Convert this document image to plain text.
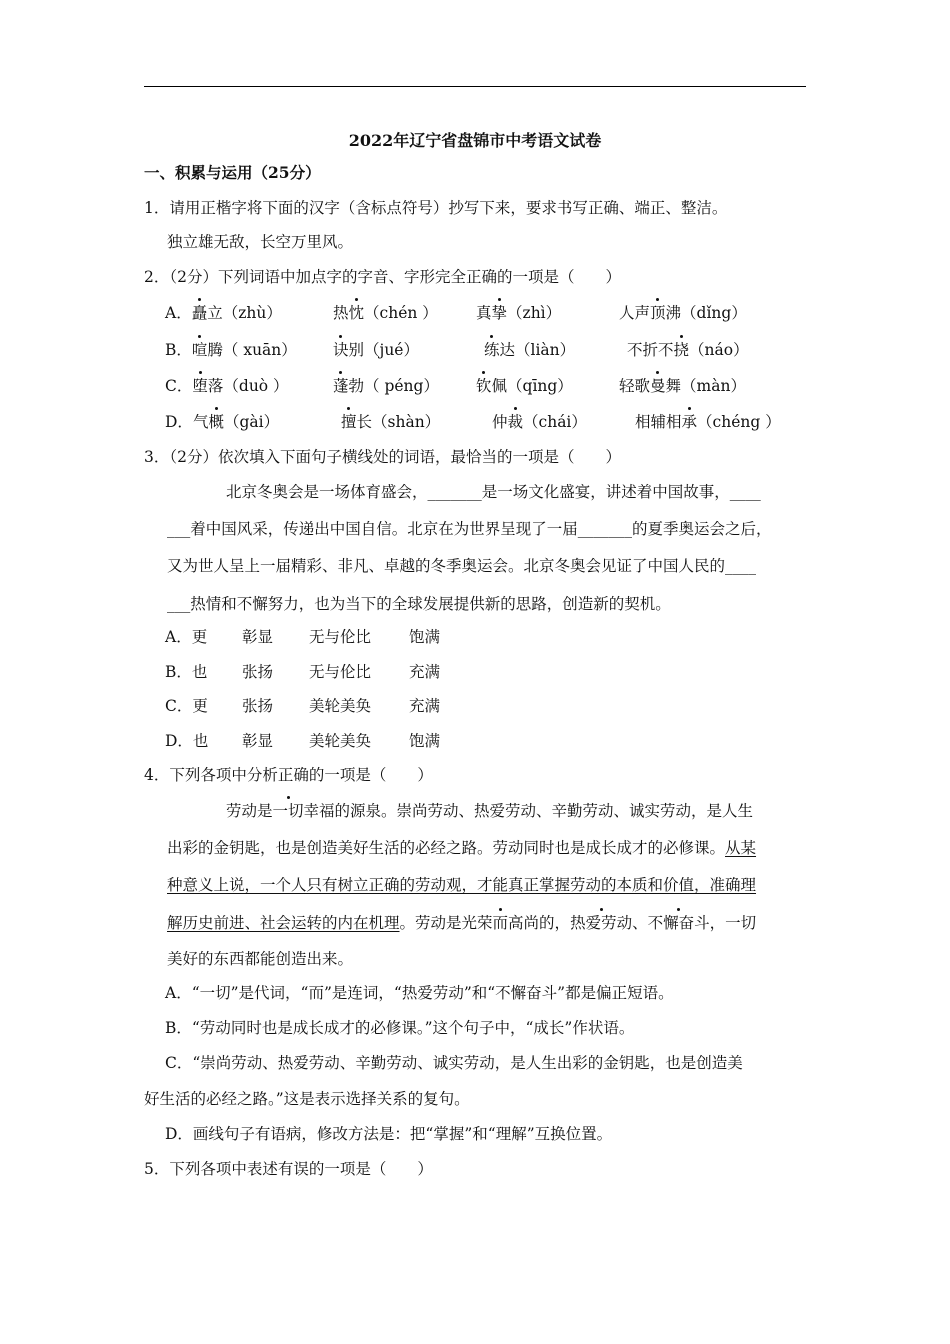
2022年辽宁省盘锦市中考语文试卷
一、积累与运用（25分）
1．请用正楷字将下面的汉字（含标点符号）抄写下来，要求书写正确、端正、整洁。
独立雄无敌，长空万里风。
2．（2分）下列词语中加点字的字音、字形完全正确的一项是（　　）
A．矗立（zhù）	热忱（chén ） 真挚（zhì）	人声顶沸（dǐng）
B．喧腾（ xuān） 诀别（jué）	练达（liàn）	不折不挠（náo）
C．堕落（duò ）	蓬勃（ péng） 钦佩（qīng）	轻歌曼舞（màn）
D．气概（gài）	擅长（shàn）	仲裁（chái）	相辅相承（chéng ）
3．（2分）依次填入下面句子横线处的词语，最恰当的一项是（　　）
北京冬奥会是一场体育盛会，_______是一场文化盛宴，讲述着中国故事，____
___着中国风采，传递出中国自信。北京在为世界呈现了一届_______的夏季奥运会之后，
又为世人呈上一届精彩、非凡、卓越的冬季奥运会。北京冬奥会见证了中国人民的____
___热情和不懈努力，也为当下的全球发展提供新的思路，创造新的契机。
A．更 彰显 无与伦比 饱满
B．也 张扬 无与伦比 充满
C．更 张扬 美轮美奂 充满
D．也 彰显 美轮美奂 饱满
4．下列各项中分析正确的一项是（　　）
劳动是一切幸福的源泉。崇尚劳动、热爱劳动、辛勤劳动、诚实劳动，是人生
出彩的金钥匙，也是创造美好生活的必经之路。劳动同时也是成长成才的必修课。从某
种意义上说，一个人只有树立正确的劳动观，才能真正掌握劳动的本质和价值，准确理
解历史前进、社会运转的内在机理。劳动是光荣而高尚的，热爱劳动、不懈奋斗，一切
美好的东西都能创造出来。
A．“一切”是代词，“而”是连词，“热爱劳动”和“不懈奋斗”都是偏正短语。
B．“劳动同时也是成长成才的必修课。”这个句子中，“成长”作状语。
C．“崇尚劳动、热爱劳动、辛勤劳动、诚实劳动，是人生出彩的金钥匙，也是创造美
好生活的必经之路。”这是表示选择关系的复句。
D．画线句子有语病，修改方法是：把“掌握”和“理解”互换位置。
5．下列各项中表述有误的一项是（　　）
